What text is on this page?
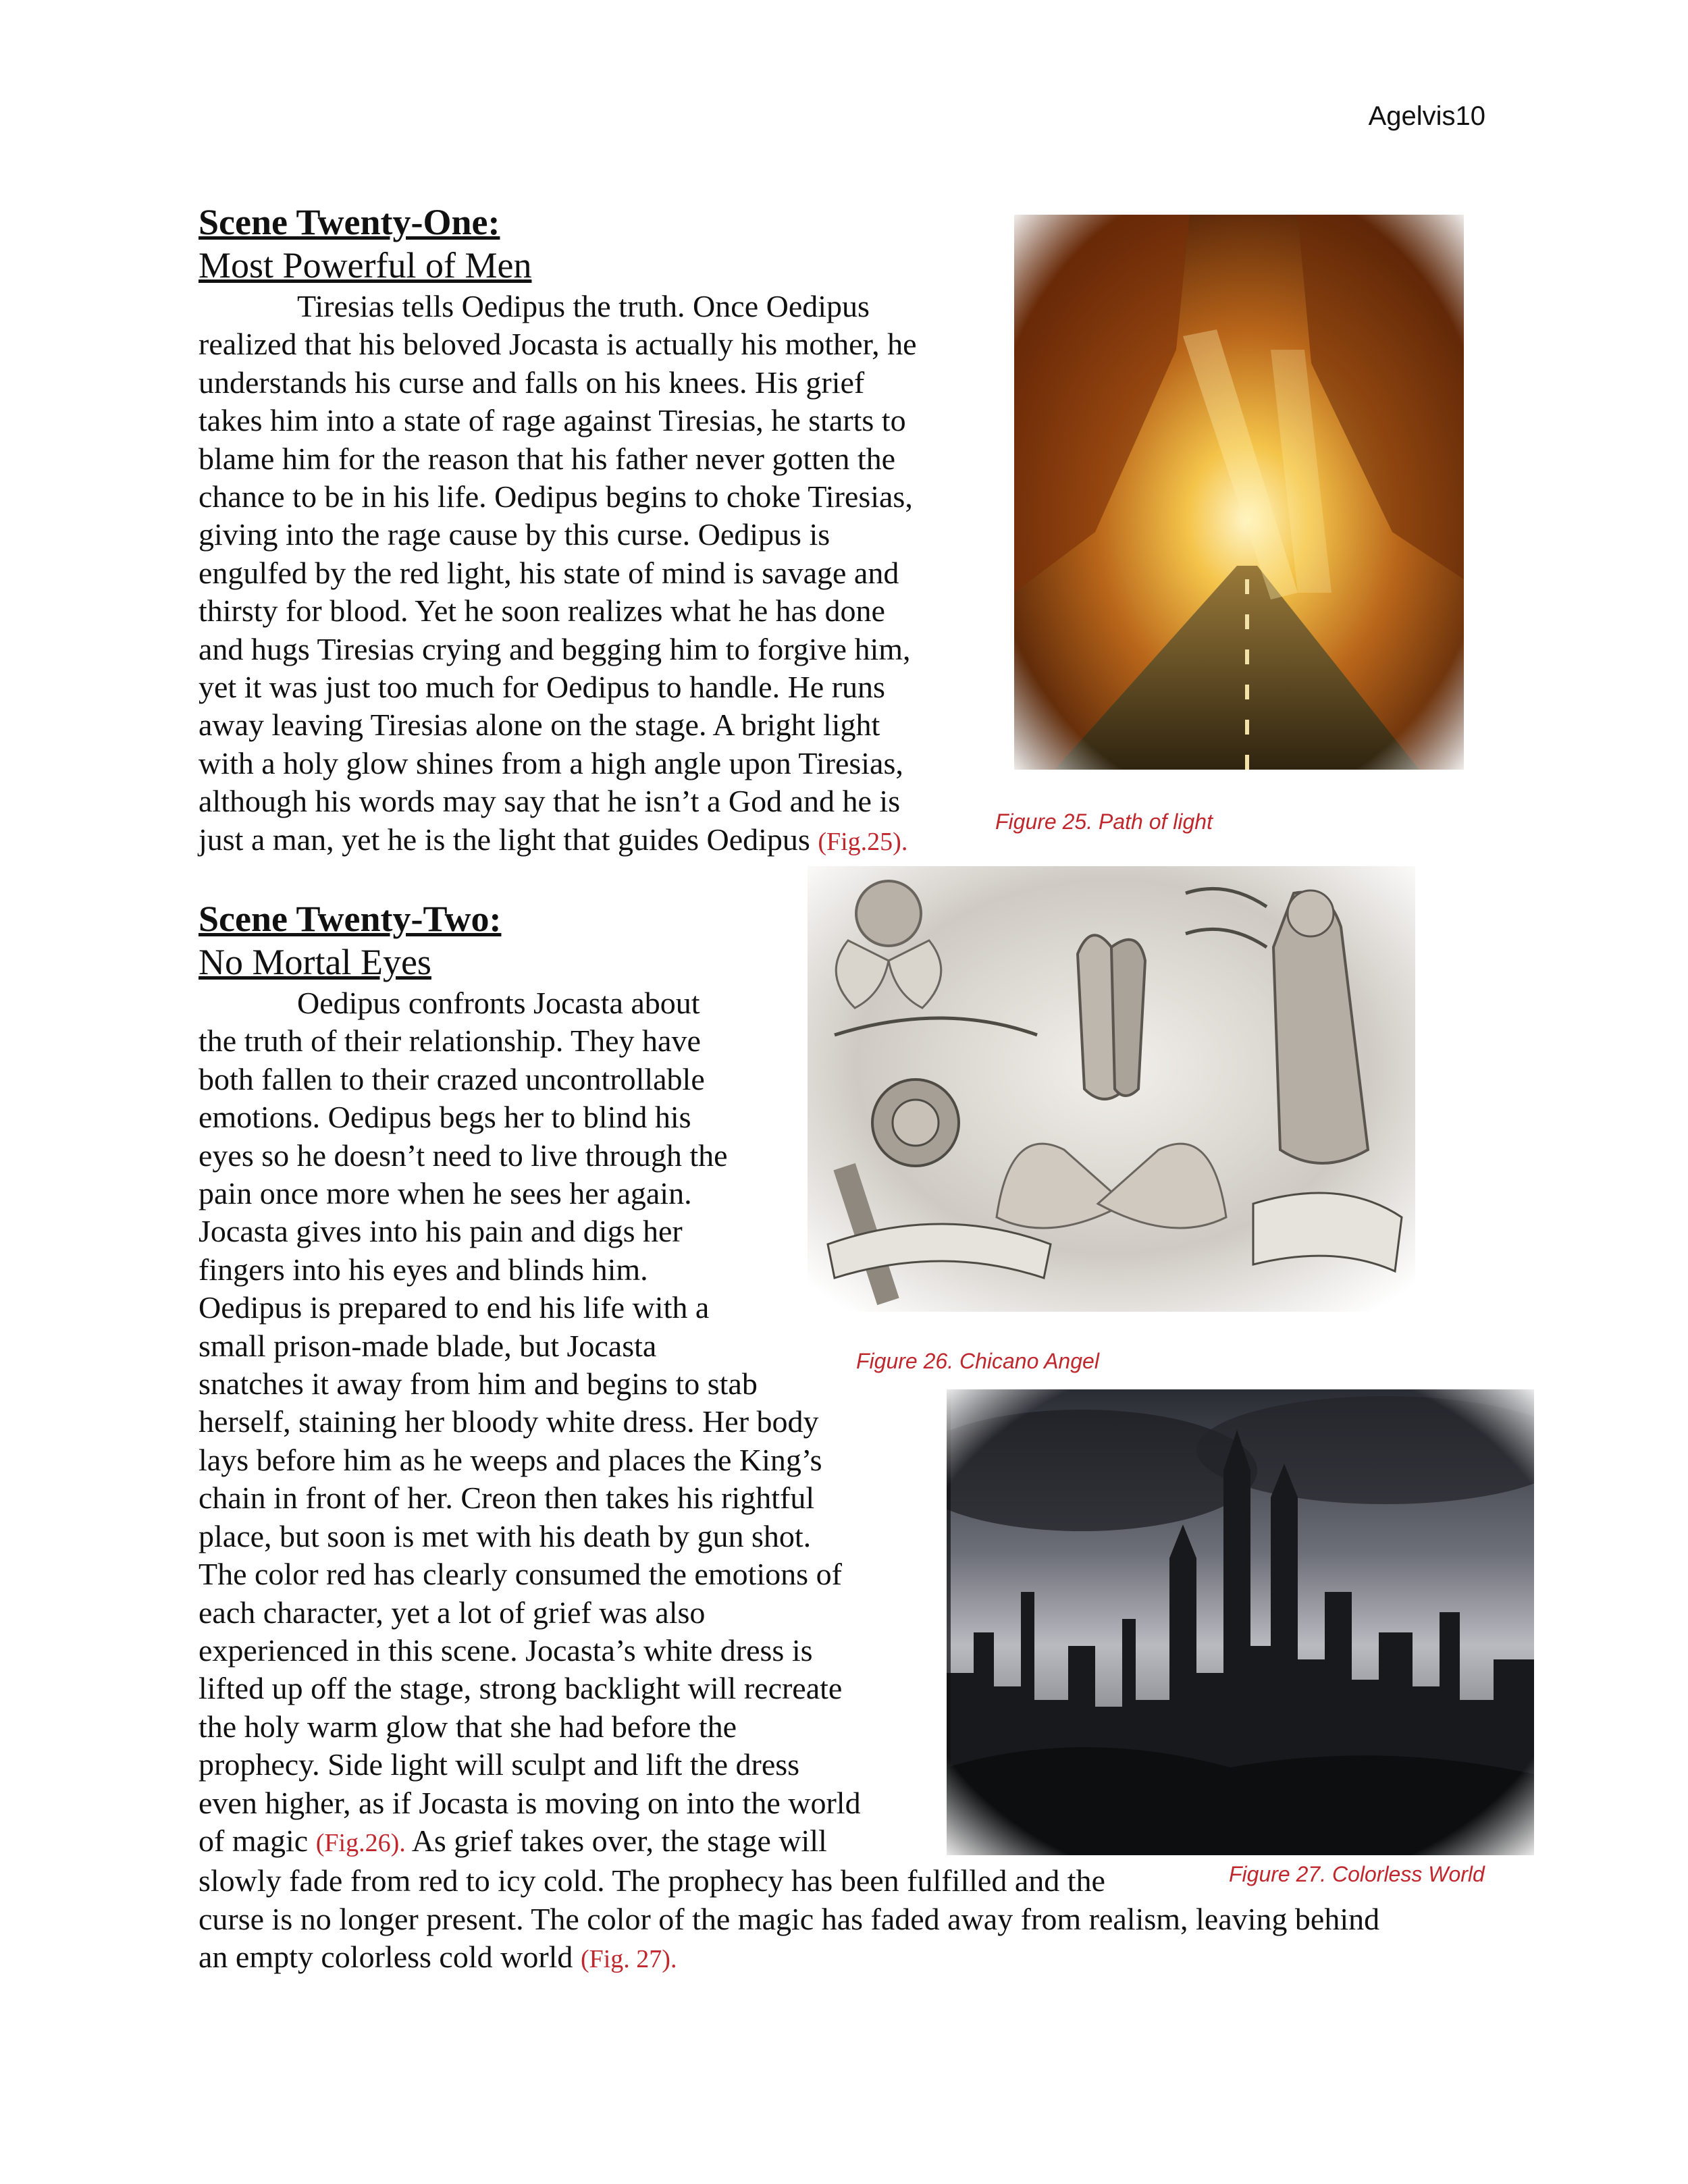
Agelvis10
Scene Twenty-One:
Most Powerful of Men
Tiresias tells Oedipus the truth. Once Oedipus
realized that his beloved Jocasta is actually his mother, he
understands his curse and falls on his knees. His grief
takes him into a state of rage against Tiresias, he starts to
blame him for the reason that his father never gotten the
chance to be in his life. Oedipus begins to choke Tiresias,
giving into the rage cause by this curse. Oedipus is
engulfed by the red light, his state of mind is savage and
thirsty for blood. Yet he soon realizes what he has done
and hugs Tiresias crying and begging him to forgive him,
yet it was just too much for Oedipus to handle. He runs
away leaving Tiresias alone on the stage. A bright light
with a holy glow shines from a high angle upon Tiresias,
although his words may say that he isn’t a God and he is
just a man, yet he is the light that guides Oedipus (Fig.25).
Figure 25. Path of light
Scene Twenty-Two:
No Mortal Eyes
Oedipus confronts Jocasta about
the truth of their relationship. They have
both fallen to their crazed uncontrollable
emotions. Oedipus begs her to blind his
eyes so he doesn’t need to live through the
pain once more when he sees her again.
Jocasta gives into his pain and digs her
fingers into his eyes and blinds him.
Oedipus is prepared to end his life with a
small prison-made blade, but Jocasta
snatches it away from him and begins to stab
herself, staining her bloody white dress. Her body
lays before him as he weeps and places the King’s
chain in front of her. Creon then takes his rightful
place, but soon is met with his death by gun shot.
The color red has clearly consumed the emotions of
each character, yet a lot of grief was also
experienced in this scene. Jocasta’s white dress is
lifted up off the stage, strong backlight will recreate
the holy warm glow that she had before the
prophecy. Side light will sculpt and lift the dress
even higher, as if Jocasta is moving on into the world
of magic (Fig.26). As grief takes over, the stage will
slowly fade from red to icy cold. The prophecy has been fulfilled and the
curse is no longer present. The color of the magic has faded away from realism, leaving behind
an empty colorless cold world (Fig. 27).
Figure 26. Chicano Angel
Figure 27. Colorless World
